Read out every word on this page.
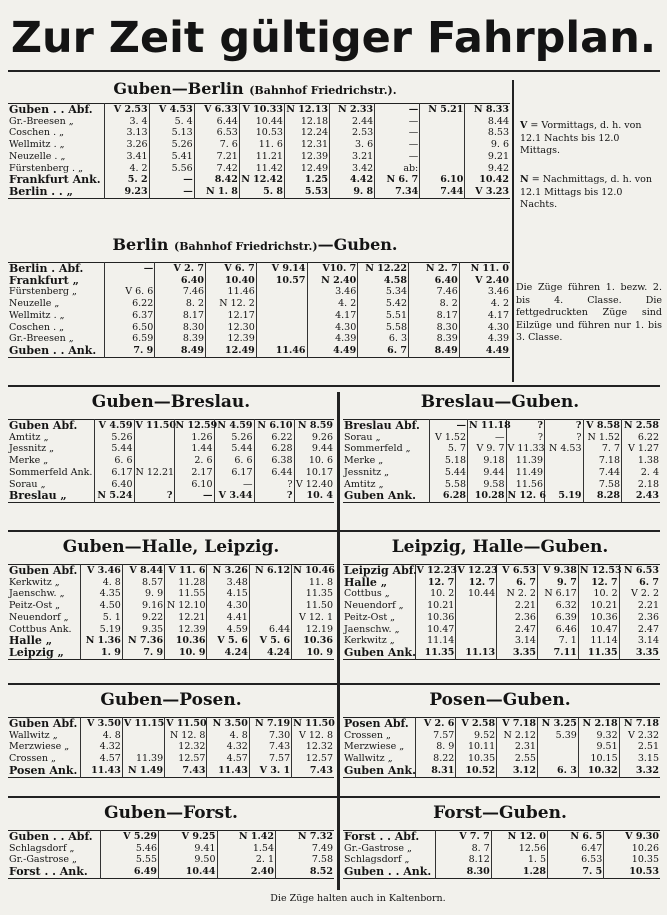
Zur Zeit gültiger Fahrplan.
Guben—Berlin (Bahnhof Friedrichstr.).
Guben . . Abf.	V 2.53	V 4.53	V 6.33	V 10.33	N 12.13	N 2.33	—	N 5.21	N 8.33
Gr.-Breesen „	3. 4	5. 4	6.44	10.44	12.18	2.44	—		8.44
Coschen . „	3.13	5.13	6.53	10.53	12.24	2.53	—		8.53
Wellmitz . „	3.26	5.26	7. 6	11. 6	12.31	3. 6	—		9. 6
Neuzelle . „	3.41	5.41	7.21	11.21	12.39	3.21	—		9.21
Fürstenberg . „	4. 2	5.56	7.42	11.42	12.49	3.42	ab:		9.42
Frankfurt Ank.	5. 2	—	8.42	N 12.42	1.25	4.42	N 6. 7	6.10	10.42
Berlin . . „	9.23	—	N 1. 8	5. 8	5.53	9. 8	7.34	7.44	V 3.23
Berlin (Bahnhof Friedrichstr.)—Guben.
Berlin . Abf.	—	V 2. 7	V 6. 7	V 9.14	V10. 7	N 12.22	N 2. 7	N 11. 0
Frankfurt „		6.40	10.40	10.57	N 2.40	4.58	6.40	V 2.40
Fürstenberg „	V 6. 6	7.46	11.46		3.46	5.34	7.46	3.46
Neuzelle „	6.22	8. 2	N 12. 2		4. 2	5.42	8. 2	4. 2
Wellmitz . „	6.37	8.17	12.17		4.17	5.51	8.17	4.17
Coschen . „	6.50	8.30	12.30		4.30	5.58	8.30	4.30
Gr.-Breesen „	6.59	8.39	12.39		4.39	6. 3	8.39	4.39
Guben . . Ank.	7. 9	8.49	12.49	11.46	4.49	6. 7	8.49	4.49
V = Vormittags, d. h. von 12.1 Nachts bis 12.0 Mittags.
N = Nachmittags, d. h. von 12.1 Mittags bis 12.0 Nachts.
Die Züge führen 1. bezw. 2. bis 4. Classe. Die fettgedruckten Züge sind Eilzüge und führen nur 1. bis 3. Classe.
Guben—Breslau.
Guben Abf.	V 4.59	V 11.50	N 12.59	N 4.59	N 6.10	N 8.59
Amtitz „	5.26		1.26	5.26	6.22	9.26
Jessnitz „	5.44		1.44	5.44	6.28	9.44
Merke „	6. 6		2. 6	6. 6	6.38	10. 6
Sommerfeld Ank.	6.17	N 12.21	2.17	6.17	6.44	10.17
Sorau „	6.40		6.10	—	?	V 12.40
Breslau „	N 5.24	?	—	V 3.44	?	10. 4
Breslau—Guben.
Breslau Abf.	—	N 11.18	?	?	V 8.58	N 2.58
Sorau „	V 1.52	—	?	?	N 1.52	6.22
Sommerfeld „	5. 7	V 9. 7	V 11.33	N 4.53	7. 7	V 1.27
Merke „	5.18	9.18	11.39		7.18	1.38
Jessnitz „	5.44	9.44	11.49		7.44	2. 4
Amtitz „	5.58	9.58	11.56		7.58	2.18
Guben Ank.	6.28	10.28	N 12. 6	5.19	8.28	2.43
Guben—Halle, Leipzig.
Guben Abf.	V 3.46	V 8.44	V 11. 6	N 3.26	N 6.12	N 10.46
Kerkwitz „	4. 8	8.57	11.28	3.48		11. 8
Jaenschw. „	4.35	9. 9	11.55	4.15		11.35
Peitz-Ost „	4.50	9.16	N 12.10	4.30		11.50
Neuendorf „	5. 1	9.22	12.21	4.41		V 12. 1
Cottbus Ank.	5.19	9.35	12.39	4.59	6.44	12.19
Halle „	N 1.36	N 7.36	10.36	V 5. 6	V 5. 6	10.36
Leipzig „	1. 9	7. 9	10. 9	4.24	4.24	10. 9
Leipzig, Halle—Guben.
Leipzig Abf.	V 12.23	V 12.23	V 6.53	V 9.38	N 12.53	N 6.53
Halle „	12. 7	12. 7	6. 7	9. 7	12. 7	6. 7
Cottbus „	10. 2	10.44	N 2. 2	N 6.17	10. 2	V 2. 2
Neuendorf „	10.21		2.21	6.32	10.21	2.21
Peitz-Ost „	10.36		2.36	6.39	10.36	2.36
Jaenschw. „	10.47		2.47	6.46	10.47	2.47
Kerkwitz „	11.14		3.14	7. 1	11.14	3.14
Guben Ank.	11.35	11.13	3.35	7.11	11.35	3.35
Guben—Posen.
Guben Abf.	V 3.50	V 11.15	V 11.50	N 3.50	N 7.19	N 11.50
Wallwitz „	4. 8		N 12. 8	4. 8	7.30	V 12. 8
Merzwiese „	4.32		12.32	4.32	7.43	12.32
Crossen „	4.57	11.39	12.57	4.57	7.57	12.57
Posen Ank.	11.43	N 1.49	7.43	11.43	V 3. 1	7.43
Posen—Guben.
Posen Abf.	V 2. 6	V 2.58	V 7.18	N 3.25	N 2.18	N 7.18
Crossen „	7.57	9.52	N 2.12	5.39	9.32	V 2.32
Merzwiese „	8. 9	10.11	2.31		9.51	2.51
Wallwitz „	8.22	10.35	2.55		10.15	3.15
Guben Ank.	8.31	10.52	3.12	6. 3	10.32	3.32
Guben—Forst.
Guben . . Abf.	V 5.29	V 9.25	N 1.42	N 7.32
Schlagsdorf „	5.46	9.41	1.54	7.49
Gr.-Gastrose „	5.55	9.50	2. 1	7.58
Forst . . Ank.	6.49	10.44	2.40	8.52
Forst—Guben.
Forst . . Abf.	V 7. 7	N 12. 0	N 6. 5	V 9.30
Gr.-Gastrose „	8. 7	12.56	6.47	10.26
Schlagsdorf „	8.12	1. 5	6.53	10.35
Guben . . Ank.	8.30	1.28	7. 5	10.53
Die Züge halten auch in Kaltenborn.
